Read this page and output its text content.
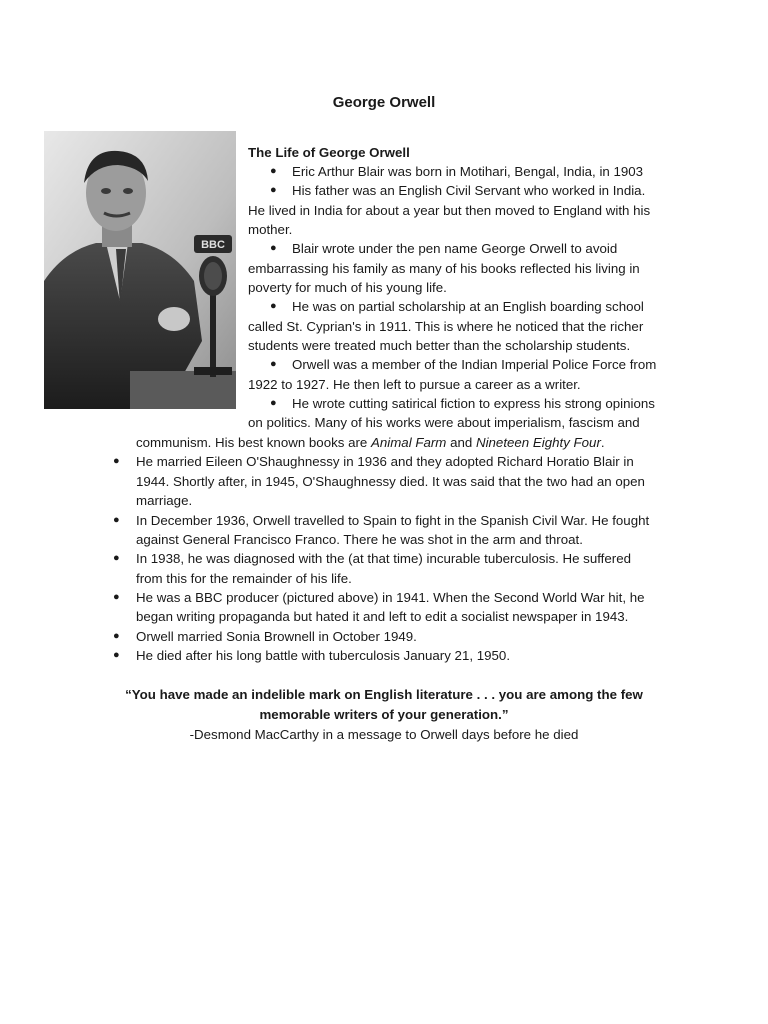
George Orwell
BBC
The Life of George Orwell
● Eric Arthur Blair was born in Motihari, Bengal, India, in 1903
● His father was an English Civil Servant who worked in India.
He lived in India for about a year but then moved to England with his
mother.
● Blair wrote under the pen name George Orwell to avoid
embarrassing his family as many of his books reflected his living in
poverty for much of his young life.
● He was on partial scholarship at an English boarding school
called St. Cyprian's in 1911. This is where he noticed that the richer
students were treated much better than the scholarship students.
● Orwell was a member of the Indian Imperial Police Force from
1922 to 1927. He then left to pursue a career as a writer.
● He wrote cutting satirical fiction to express his strong opinions
on politics. Many of his works were about imperialism, fascism and
communism. His best known books are Animal Farm and Nineteen Eighty Four.
● He married Eileen O'Shaughnessy in 1936 and they adopted Richard Horatio Blair in
1944. Shortly after, in 1945, O'Shaughnessy died. It was said that the two had an open
marriage.
● In December 1936, Orwell travelled to Spain to fight in the Spanish Civil War. He fought
against General Francisco Franco. There he was shot in the arm and throat.
● In 1938, he was diagnosed with the (at that time) incurable tuberculosis. He suffered
from this for the remainder of his life.
● He was a BBC producer (pictured above) in 1941. When the Second World War hit, he
began writing propaganda but hated it and left to edit a socialist newspaper in 1943.
● Orwell married Sonia Brownell in October 1949.
● He died after his long battle with tuberculosis January 21, 1950.
“You have made an indelible mark on English literature . . . you are among the few
memorable writers of your generation.”
-Desmond MacCarthy in a message to Orwell days before he died
